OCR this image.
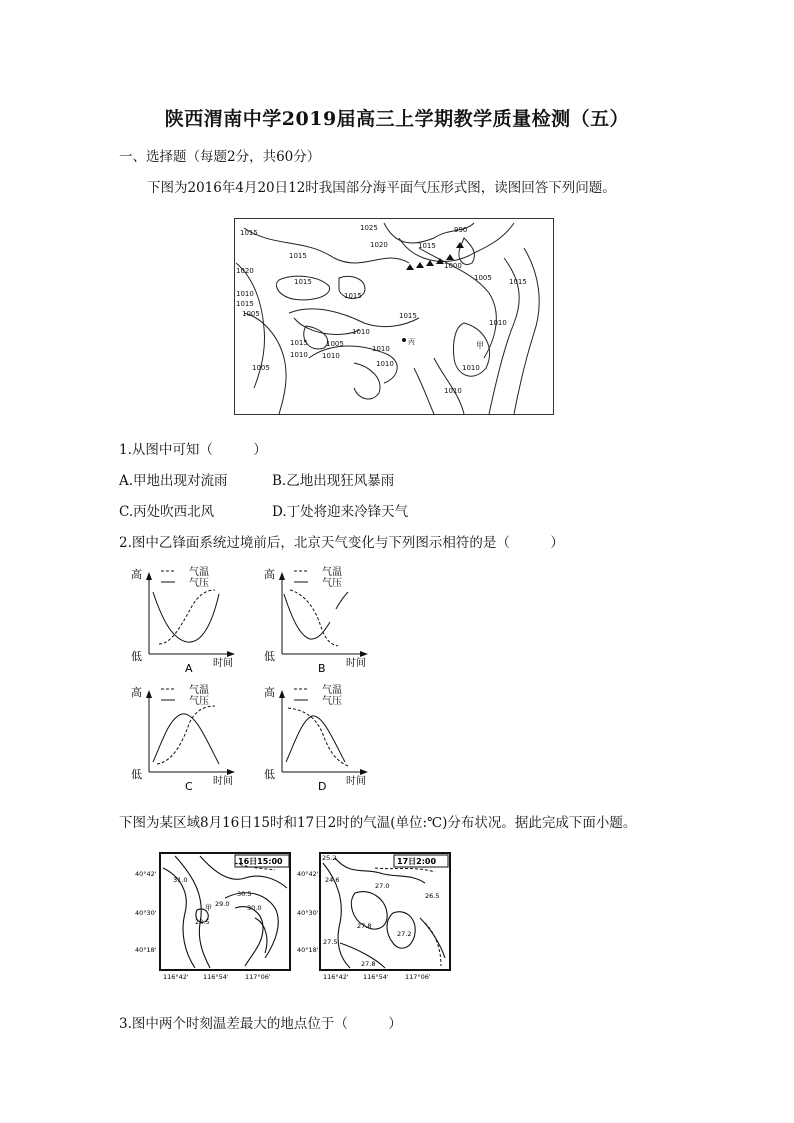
陕西渭南中学2019届高三上学期教学质量检测（五）
一、选择题（每题2分，共60分）
下图为2016年4月20日12时我国部分海平面气压形式图，读图回答下列问题。
1015
1025
1020	1015
990
1000
1005
1015
1020
1015
1015
1010
1015
1005
1010
1015
1010
1015
1015
1010
1005
1010
1005
1010
1010	1010
1010
丙	甲
1.从图中可知（　　　）
A.甲地出现对流雨	B.乙地出现狂风暴雨
C.丙处吹西北风	D.丁处将迎来冷锋天气
2.图中乙锋面系统过境前后，北京天气变化与下列图示相符的是（　　　）
高
低
气温
气压
时间
A
高
低
气温
气压
时间
B
高
低
气温
气压
时间
C
高
低
气温
气压
时间
D
下图为某区域8月16日15时和17日2时的气温(单位:℃)分布状况。据此完成下面小题。
16日15:00	17日2:00
40°42'
40°30'
40°18'
40°42'
40°30'
40°18'
116°42' 116°54'	117°06'	116°42' 116°54'	117°06'
31.0
29.0	30.0
30.5
28.5
甲
25.2
24.6
27.0
27.8
27.5
27.2
27.8
26.5
3.图中两个时刻温差最大的地点位于（　　　）
